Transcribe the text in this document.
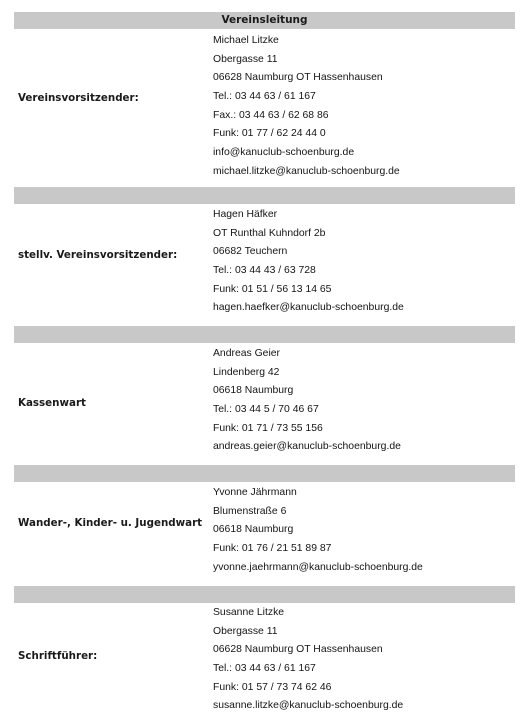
Vereinsleitung
Vereinsvorsitzender:
Michael Litzke
Obergasse 11
06628 Naumburg OT Hassenhausen
Tel.: 03 44 63 / 61 167
Fax.: 03 44 63 / 62 68 86
Funk: 01 77 / 62 24 44 0
info@kanuclub-schoenburg.de
michael.litzke@kanuclub-schoenburg.de
stellv. Vereinsvorsitzender:
Hagen Häfker
OT Runthal Kuhndorf 2b
06682 Teuchern
Tel.: 03 44 43 / 63 728
Funk: 01 51 / 56 13 14 65
hagen.haefker@kanuclub-schoenburg.de
Kassenwart
Andreas Geier
Lindenberg 42
06618 Naumburg
Tel.: 03 44 5 / 70 46 67
Funk: 01 71 / 73 55 156
andreas.geier@kanuclub-schoenburg.de
Wander-, Kinder- u. Jugendwart
Yvonne Jährmann
Blumenstraße 6
06618 Naumburg
Funk: 01 76 / 21 51 89 87
yvonne.jaehrmann@kanuclub-schoenburg.de
Schriftführer:
Susanne Litzke
Obergasse 11
06628 Naumburg OT Hassenhausen
Tel.: 03 44 63 / 61 167
Funk: 01 57 / 73 74 62 46
susanne.litzke@kanuclub-schoenburg.de
